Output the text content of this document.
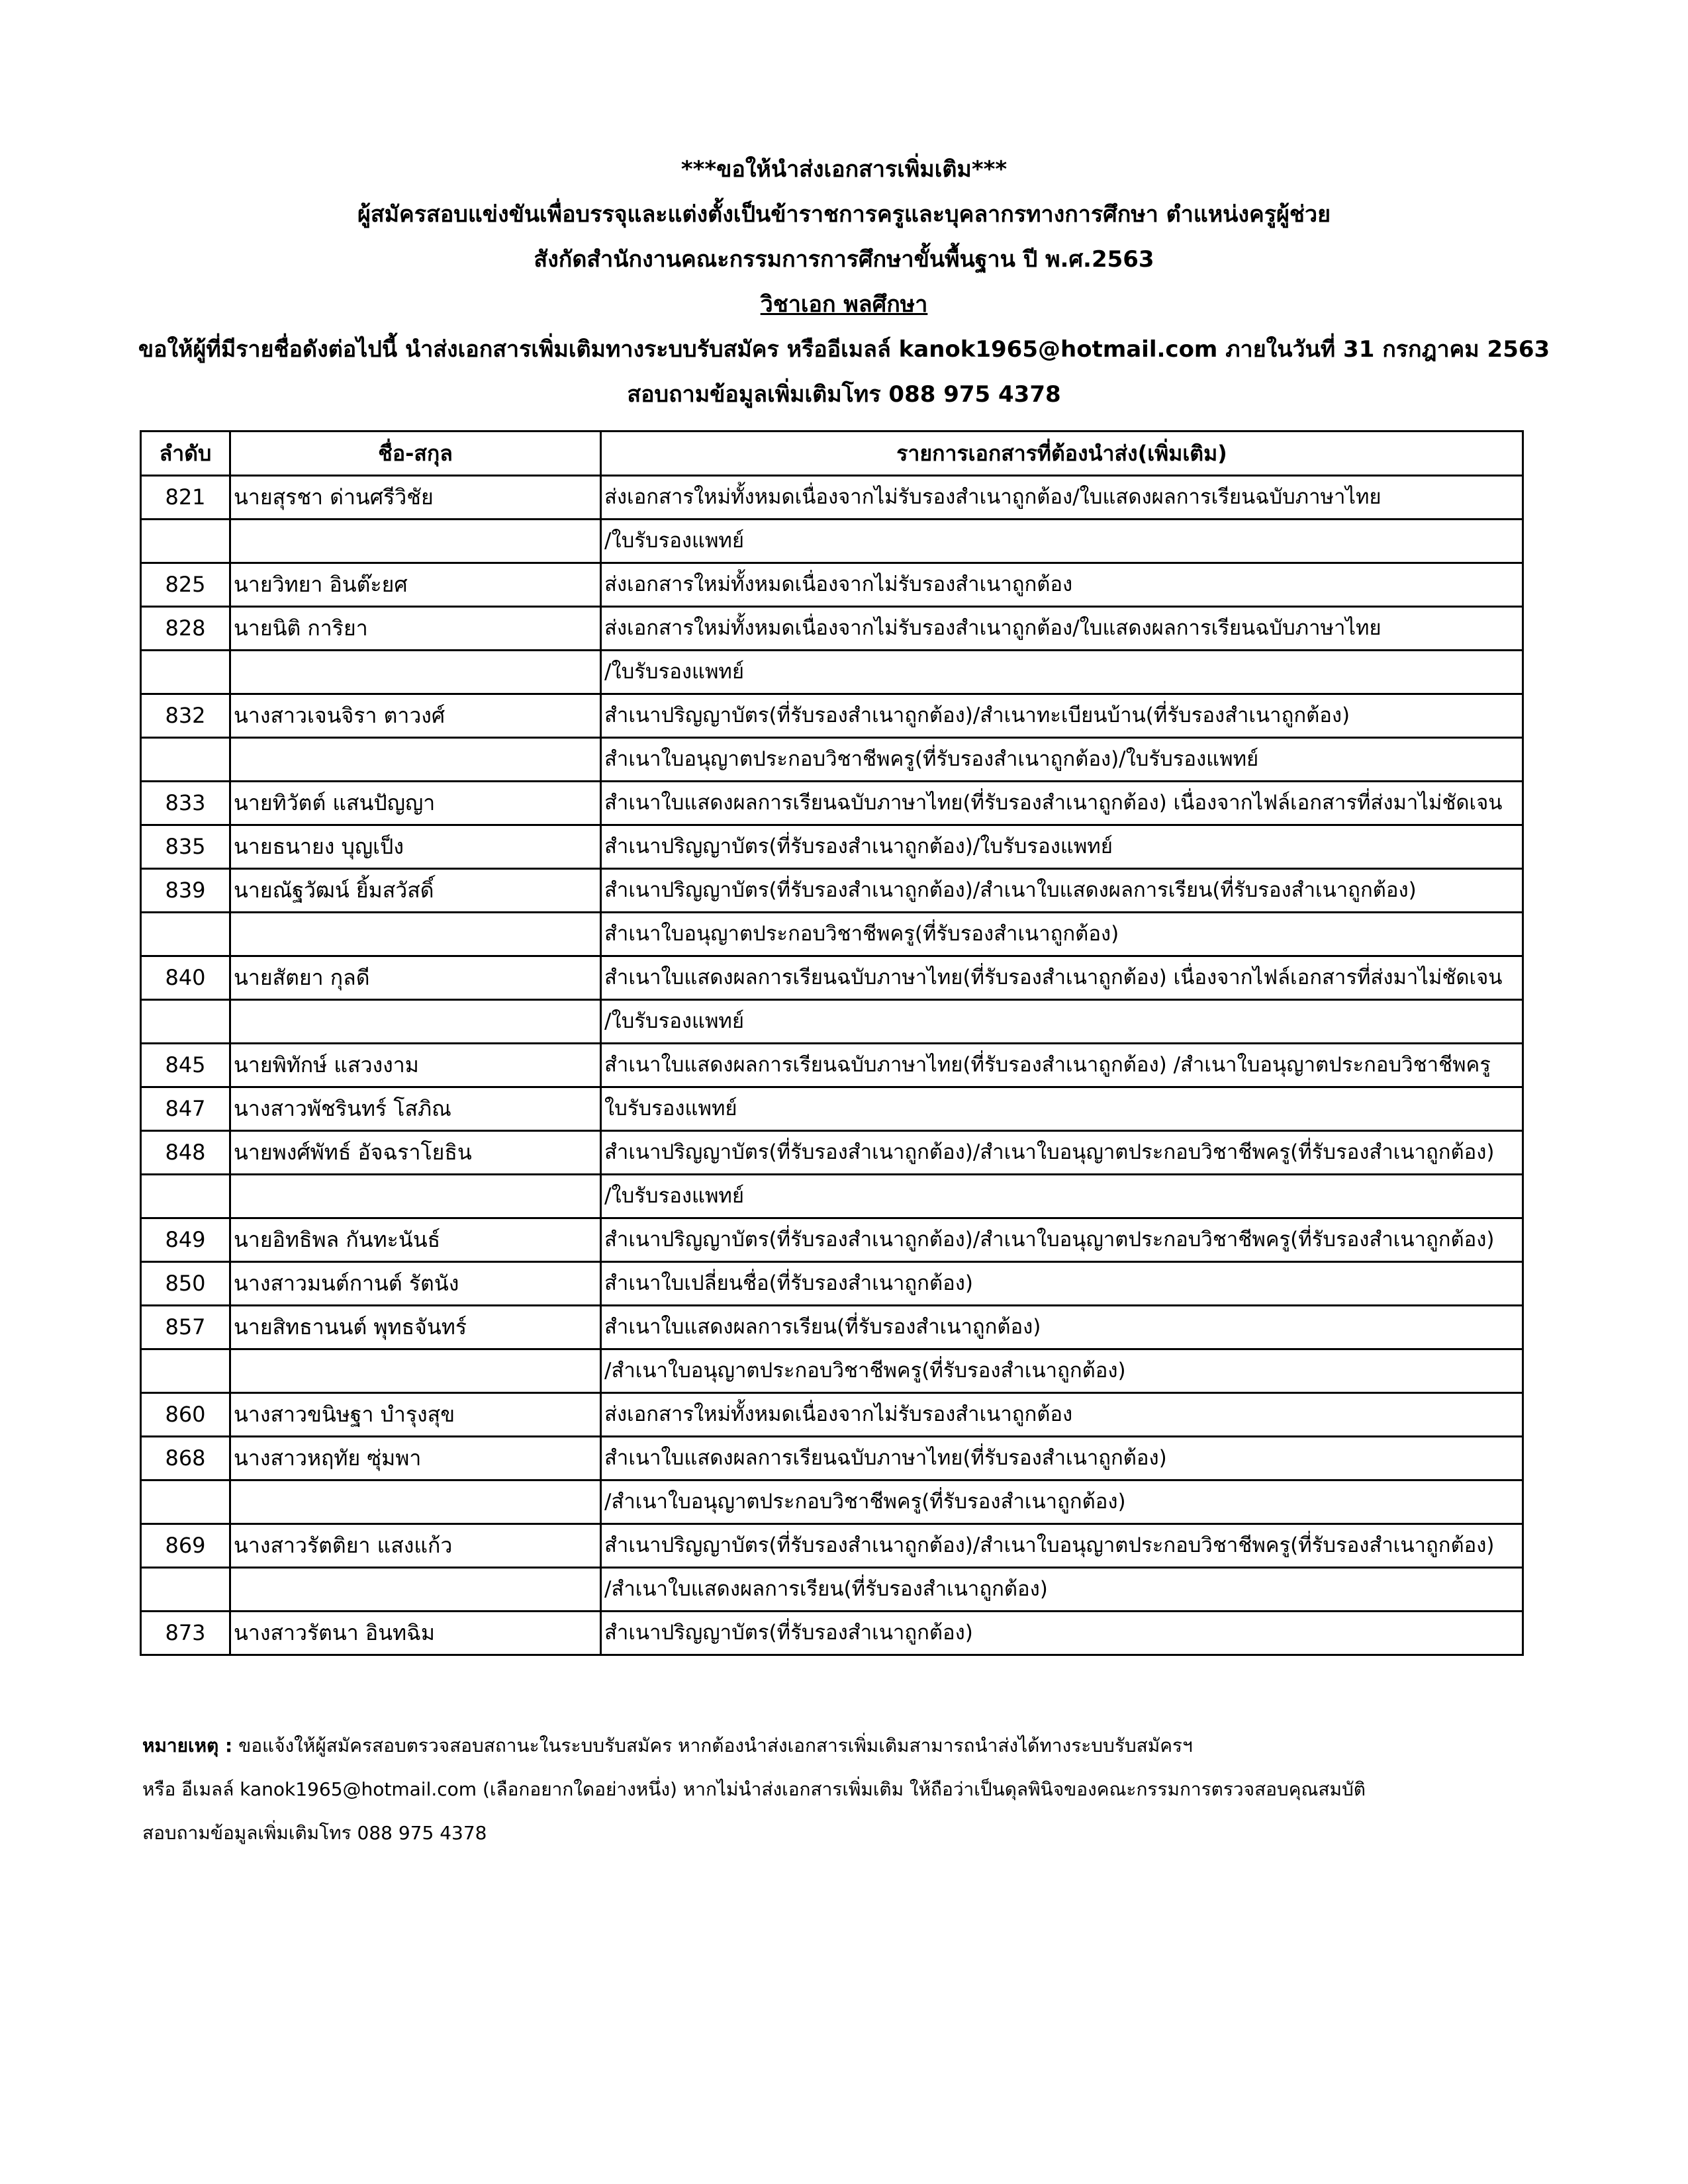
***ขอให้นำส่งเอกสารเพิ่มเติม***
ผู้สมัครสอบแข่งขันเพื่อบรรจุและแต่งตั้งเป็นข้าราชการครูและบุคลากรทางการศึกษา ตำแหน่งครูผู้ช่วย
สังกัดสำนักงานคณะกรรมการการศึกษาขั้นพื้นฐาน ปี พ.ศ.2563
วิชาเอก พลศึกษา
ขอให้ผู้ที่มีรายชื่อดังต่อไปนี้ นำส่งเอกสารเพิ่มเติมทางระบบรับสมัคร หรืออีเมลล์ kanok1965@hotmail.com ภายในวันที่ 31 กรกฎาคม 2563
สอบถามข้อมูลเพิ่มเติมโทร 088 975 4378
ลำดับ	ชื่อ-สกุล	รายการเอกสารที่ต้องนำส่ง(เพิ่มเติม)
821	นายสุรชา ด่านศรีวิชัย	ส่งเอกสารใหม่ทั้งหมดเนื่องจากไม่รับรองสำเนาถูกต้อง/ใบแสดงผลการเรียนฉบับภาษาไทย
		/ใบรับรองแพทย์
825	นายวิทยา อินต๊ะยศ	ส่งเอกสารใหม่ทั้งหมดเนื่องจากไม่รับรองสำเนาถูกต้อง
828	นายนิติ การิยา	ส่งเอกสารใหม่ทั้งหมดเนื่องจากไม่รับรองสำเนาถูกต้อง/ใบแสดงผลการเรียนฉบับภาษาไทย
		/ใบรับรองแพทย์
832	นางสาวเจนจิรา ตาวงศ์	สำเนาปริญญาบัตร(ที่รับรองสำเนาถูกต้อง)/สำเนาทะเบียนบ้าน(ที่รับรองสำเนาถูกต้อง)
		สำเนาใบอนุญาตประกอบวิชาชีพครู(ที่รับรองสำเนาถูกต้อง)/ใบรับรองแพทย์
833	นายทิวัตต์ แสนปัญญา	สำเนาใบแสดงผลการเรียนฉบับภาษาไทย(ที่รับรองสำเนาถูกต้อง) เนื่องจากไฟล์เอกสารที่ส่งมาไม่ชัดเจน
835	นายธนายง บุญเป็ง	สำเนาปริญญาบัตร(ที่รับรองสำเนาถูกต้อง)/ใบรับรองแพทย์
839	นายณัฐวัฒน์ ยิ้มสวัสดิ์	สำเนาปริญญาบัตร(ที่รับรองสำเนาถูกต้อง)/สำเนาใบแสดงผลการเรียน(ที่รับรองสำเนาถูกต้อง)
		สำเนาใบอนุญาตประกอบวิชาชีพครู(ที่รับรองสำเนาถูกต้อง)
840	นายสัตยา กุลดี	สำเนาใบแสดงผลการเรียนฉบับภาษาไทย(ที่รับรองสำเนาถูกต้อง) เนื่องจากไฟล์เอกสารที่ส่งมาไม่ชัดเจน
		/ใบรับรองแพทย์
845	นายพิทักษ์ แสวงงาม	สำเนาใบแสดงผลการเรียนฉบับภาษาไทย(ที่รับรองสำเนาถูกต้อง) /สำเนาใบอนุญาตประกอบวิชาชีพครู
847	นางสาวพัชรินทร์ โสภิณ	ใบรับรองแพทย์
848	นายพงศ์พัทธ์ อัจฉราโยธิน	สำเนาปริญญาบัตร(ที่รับรองสำเนาถูกต้อง)/สำเนาใบอนุญาตประกอบวิชาชีพครู(ที่รับรองสำเนาถูกต้อง)
		/ใบรับรองแพทย์
849	นายอิทธิพล กันทะนันธ์	สำเนาปริญญาบัตร(ที่รับรองสำเนาถูกต้อง)/สำเนาใบอนุญาตประกอบวิชาชีพครู(ที่รับรองสำเนาถูกต้อง)
850	นางสาวมนต์กานต์ รัตนัง	สำเนาใบเปลี่ยนชื่อ(ที่รับรองสำเนาถูกต้อง)
857	นายสิทธานนต์ พุทธจันทร์	สำเนาใบแสดงผลการเรียน(ที่รับรองสำเนาถูกต้อง)
		/สำเนาใบอนุญาตประกอบวิชาชีพครู(ที่รับรองสำเนาถูกต้อง)
860	นางสาวขนิษฐา บำรุงสุข	ส่งเอกสารใหม่ทั้งหมดเนื่องจากไม่รับรองสำเนาถูกต้อง
868	นางสาวหฤทัย ซุ่มพา	สำเนาใบแสดงผลการเรียนฉบับภาษาไทย(ที่รับรองสำเนาถูกต้อง)
		/สำเนาใบอนุญาตประกอบวิชาชีพครู(ที่รับรองสำเนาถูกต้อง)
869	นางสาวรัตติยา แสงแก้ว	สำเนาปริญญาบัตร(ที่รับรองสำเนาถูกต้อง)/สำเนาใบอนุญาตประกอบวิชาชีพครู(ที่รับรองสำเนาถูกต้อง)
		/สำเนาใบแสดงผลการเรียน(ที่รับรองสำเนาถูกต้อง)
873	นางสาวรัตนา อินทฉิม	สำเนาปริญญาบัตร(ที่รับรองสำเนาถูกต้อง)
หมายเหตุ : ขอแจ้งให้ผู้สมัครสอบตรวจสอบสถานะในระบบรับสมัคร หากต้องนำส่งเอกสารเพิ่มเติมสามารถนำส่งได้ทางระบบรับสมัครฯ
หรือ อีเมลล์ kanok1965@hotmail.com (เลือกอยากใดอย่างหนึ่ง) หากไม่นำส่งเอกสารเพิ่มเติม ให้ถือว่าเป็นดุลพินิจของคณะกรรมการตรวจสอบคุณสมบัติ
สอบถามข้อมูลเพิ่มเติมโทร 088 975 4378
